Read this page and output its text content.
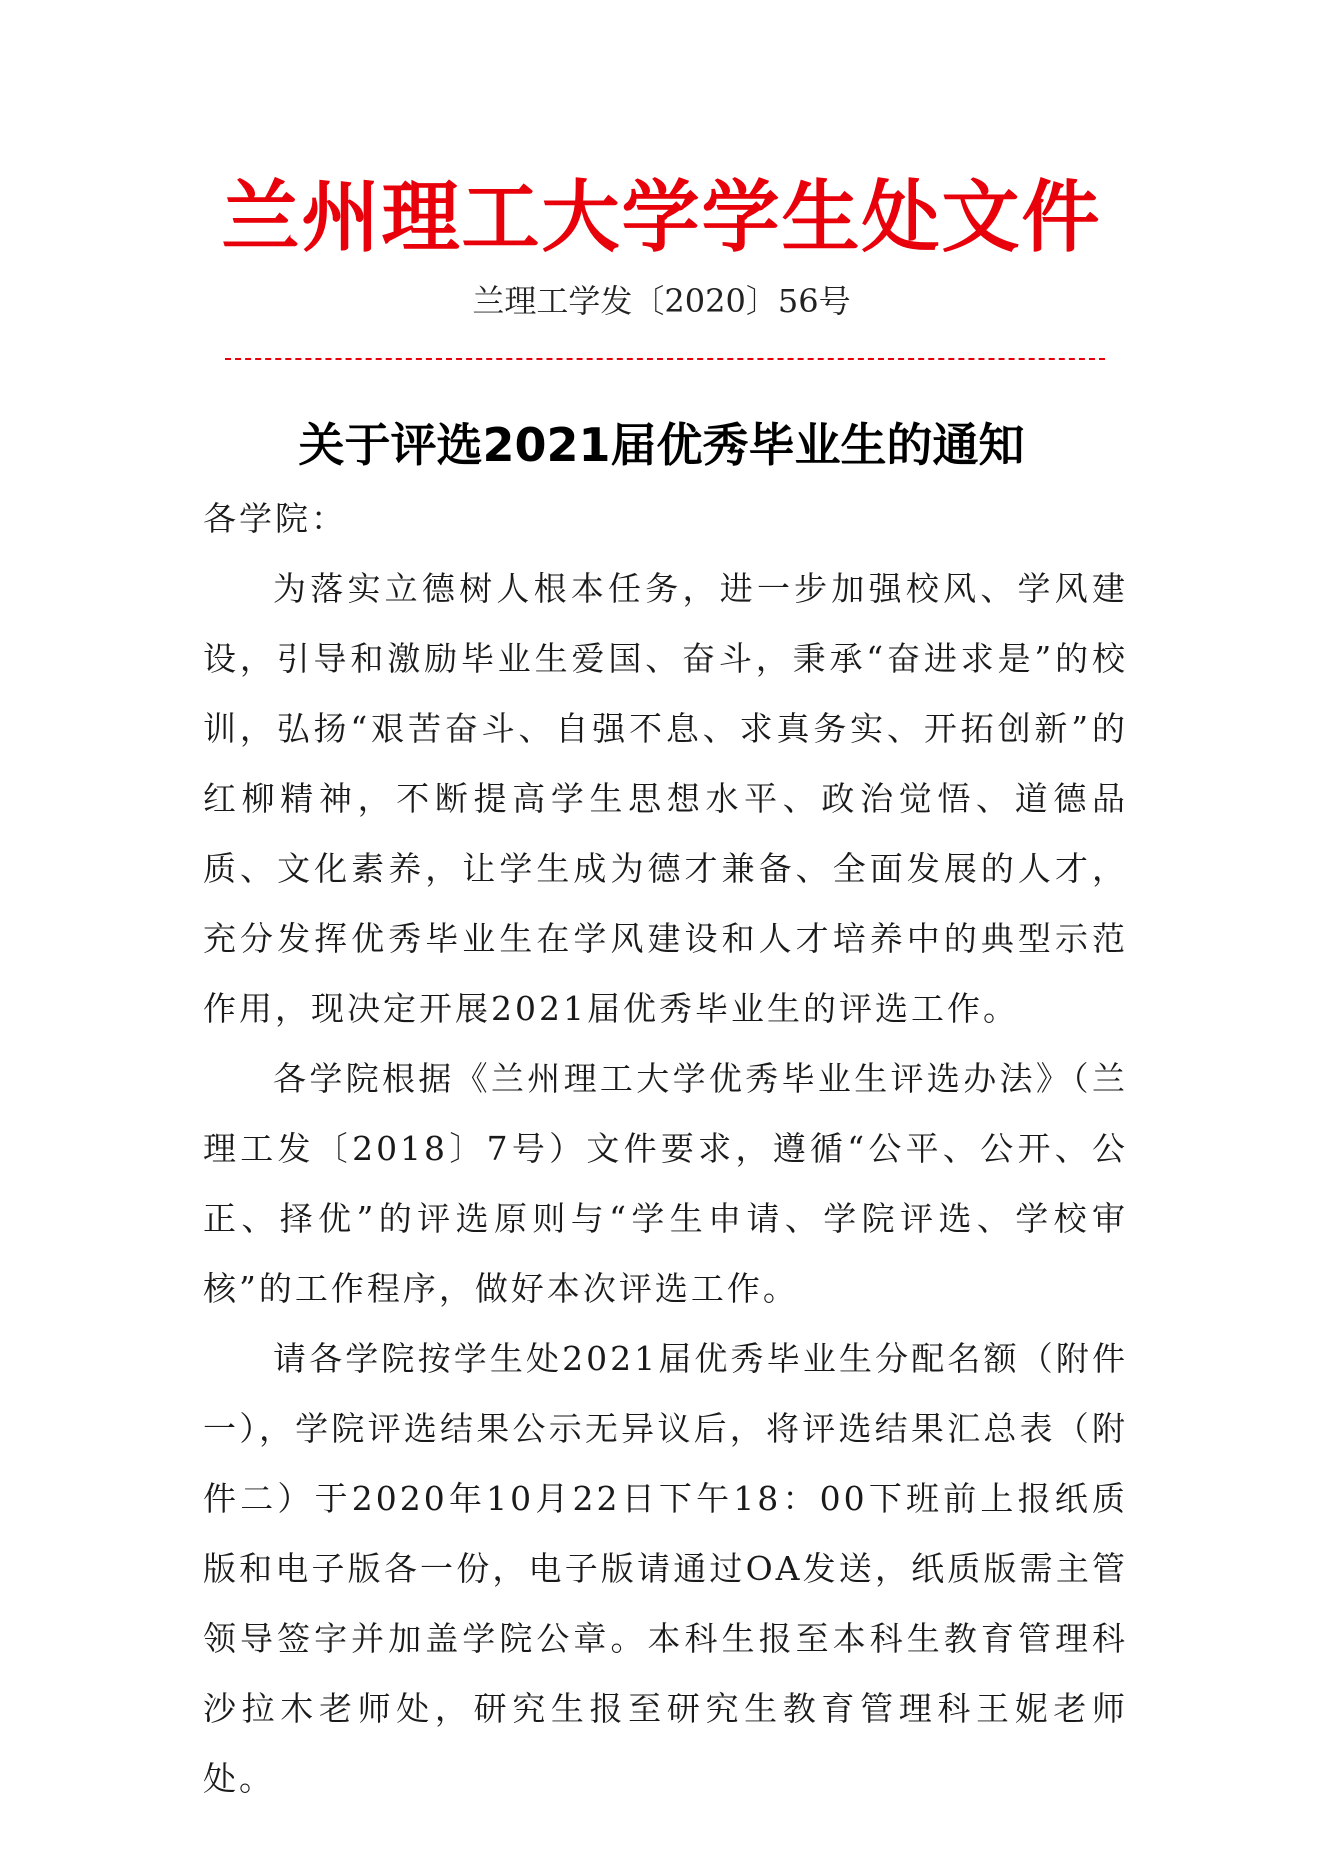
兰州理工大学学生处文件
兰理工学发〔2020〕56号
关于评选2021届优秀毕业生的通知

各学院：

为落实立德树人根本任务，进一步加强校风、学风建设，引导和激励毕业生爱国、奋斗，秉承“奋进求是”的校训，弘扬“艰苦奋斗、自强不息、求真务实、开拓创新”的红柳精神，不断提高学生思想水平、政治觉悟、道德品质、文化素养，让学生成为德才兼备、全面发展的人才，充分发挥优秀毕业生在学风建设和人才培养中的典型示范作用，现决定开展2021届优秀毕业生的评选工作。

各学院根据《兰州理工大学优秀毕业生评选办法》（兰理工发〔2018〕7号）文件要求，遵循“公平、公开、公正、择优”的评选原则与“学生申请、学院评选、学校审核”的工作程序，做好本次评选工作。

请各学院按学生处2021届优秀毕业生分配名额（附件一），学院评选结果公示无异议后，将评选结果汇总表（附件二）于2020年10月22日下午18：00下班前上报纸质版和电子版各一份，电子版请通过OA发送，纸质版需主管领导签字并加盖学院公章。本科生报至本科生教育管理科沙拉木老师处，研究生报至研究生教育管理科王妮老师处。
